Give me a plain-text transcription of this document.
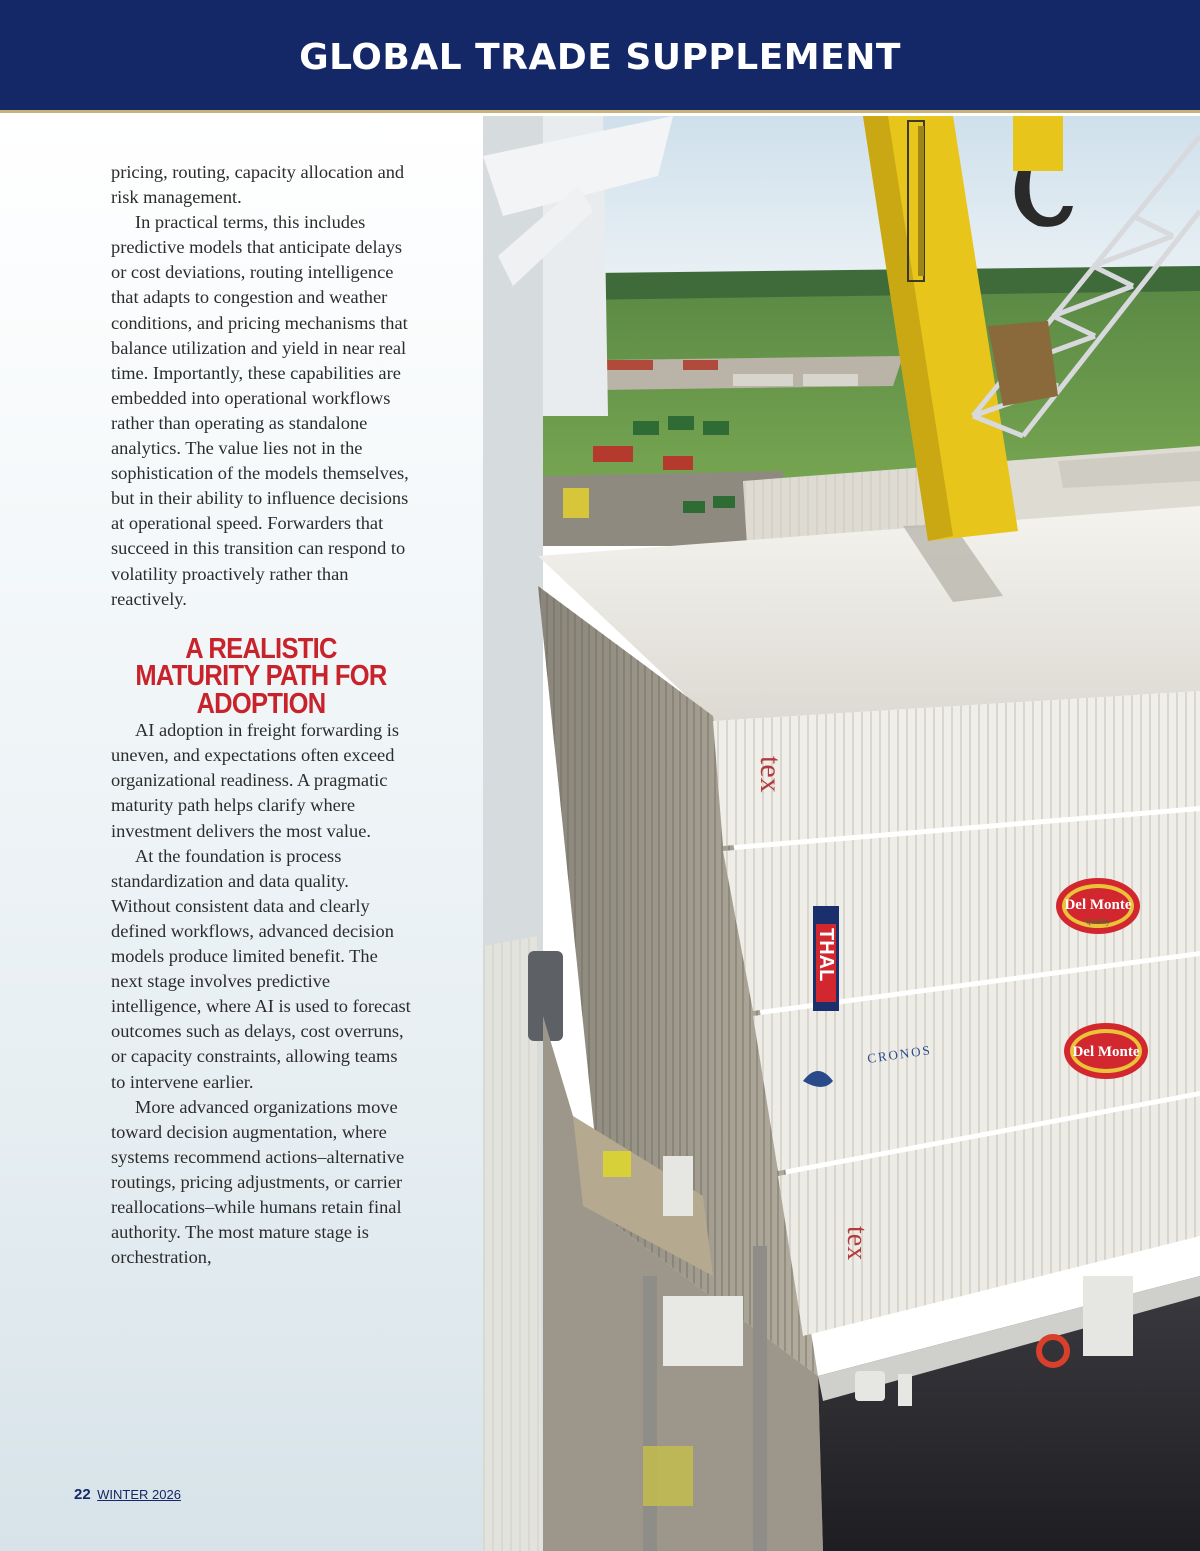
GLOBAL TRADE SUPPLEMENT

pricing, routing, capacity allocation and risk management.

In practical terms, this includes predictive models that anticipate delays or cost deviations, routing intelligence that adapts to congestion and weather conditions, and pricing mechanisms that balance utilization and yield in near real time. Importantly, these capabilities are embedded into operational workflows rather than operating as standalone analytics. The value lies not in the sophistication of the models themselves, but in their ability to influence decisions at operational speed. Forwarders that succeed in this transition can respond to volatility proactively rather than reactively.

A REALISTIC MATURITY PATH FOR ADOPTION

AI adoption in freight forwarding is uneven, and expectations often exceed organizational readiness. A pragmatic maturity path helps clarify where investment delivers the most value.

At the foundation is process standardization and data quality. Without consistent data and clearly defined workflows, advanced decision models produce limited benefit. The next stage involves predictive intelligence, where AI is used to forecast outcomes such as delays, cost overruns, or capacity constraints, allowing teams to intervene earlier.

More advanced organizations move toward decision augmentation, where systems recommend actions–alternative routings, pricing adjustments, or carrier reallocations–while humans retain final authority. The most mature stage is orchestration,

22 WINTER 2026
tex
THAL
Del Monte
Quality
Del Monte
CRONOS
tex
